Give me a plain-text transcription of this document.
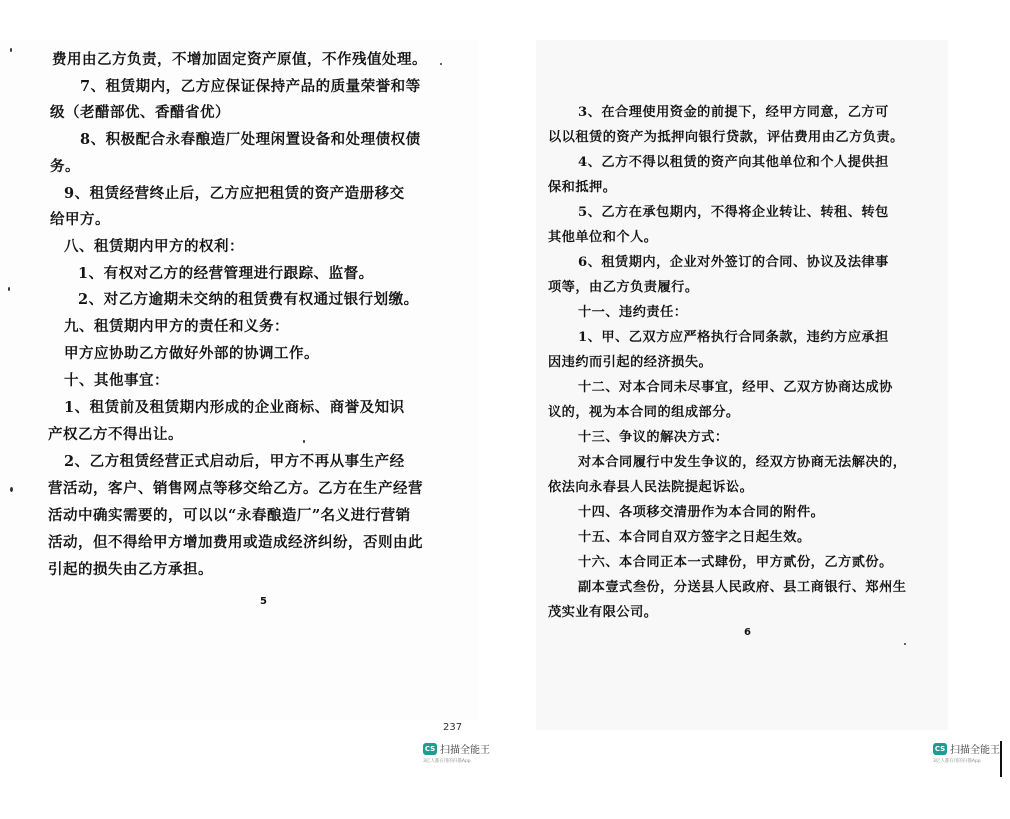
费用由乙方负责，不增加固定资产原值，不作残值处理。
7、租赁期内，乙方应保证保持产品的质量荣誉和等
级（老醋部优、香醋省优）
8、积极配合永春酿造厂处理闲置设备和处理债权债
务。
9、租赁经营终止后，乙方应把租赁的资产造册移交
给甲方。
八、租赁期内甲方的权利：
1、有权对乙方的经营管理进行跟踪、监督。
2、对乙方逾期未交纳的租赁费有权通过银行划缴。
九、租赁期内甲方的责任和义务：
甲方应协助乙方做好外部的协调工作。
十、其他事宜：
1、租赁前及租赁期内形成的企业商标、商誉及知识
产权乙方不得出让。
2、乙方租赁经营正式启动后，甲方不再从事生产经
营活动，客户、销售网点等移交给乙方。乙方在生产经营
活动中确实需要的，可以以“永春酿造厂”名义进行营销
活动，但不得给甲方增加费用或造成经济纠纷，否则由此
引起的损失由乙方承担。
5
3、在合理使用资金的前提下，经甲方同意，乙方可
以以租赁的资产为抵押向银行贷款，评估费用由乙方负责。
4、乙方不得以租赁的资产向其他单位和个人提供担
保和抵押。
5、乙方在承包期内，不得将企业转让、转租、转包
其他单位和个人。
6、租赁期内，企业对外签订的合同、协议及法律事
项等，由乙方负责履行。
十一、违约责任：
1、甲、乙双方应严格执行合同条款，违约方应承担
因违约而引起的经济损失。
十二、对本合同未尽事宜，经甲、乙双方协商达成协
议的，视为本合同的组成部分。
十三、争议的解决方式：
对本合同履行中发生争议的，经双方协商无法解决的，
依法向永春县人民法院提起诉讼。
十四、各项移交清册作为本合同的附件。
十五、本合同自双方签字之日起生效。
十六、本合同正本一式肆份，甲方贰份，乙方贰份。
副本壹式叁份，分送县人民政府、县工商银行、郑州生
茂实业有限公司。
6
237
CS 扫描全能王
3亿人都在用的扫描App
CS 扫描全能王
3亿人都在用的扫描App
